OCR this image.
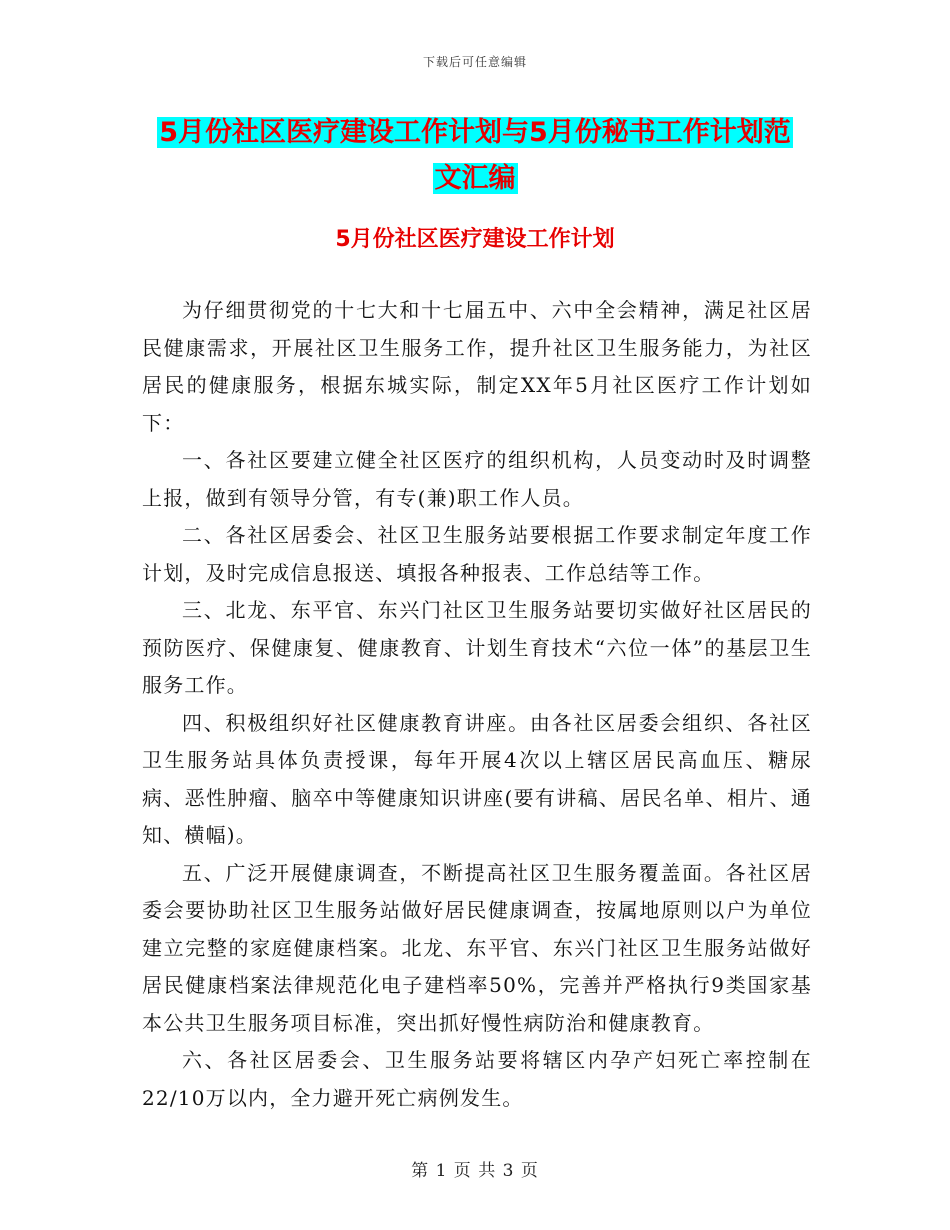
下载后可任意编辑
5月份社区医疗建设工作计划与5月份秘书工作计划范
文汇编
5月份社区医疗建设工作计划

为仔细贯彻党的十七大和十七届五中、六中全会精神，满足社区居民健康需求，开展社区卫生服务工作，提升社区卫生服务能力，为社区居民的健康服务，根据东城实际，制定XX年5月社区医疗工作计划如下：

一、各社区要建立健全社区医疗的组织机构，人员变动时及时调整上报，做到有领导分管，有专(兼)职工作人员。

二、各社区居委会、社区卫生服务站要根据工作要求制定年度工作计划，及时完成信息报送、填报各种报表、工作总结等工作。

三、北龙、东平官、东兴门社区卫生服务站要切实做好社区居民的预防医疗、保健康复、健康教育、计划生育技术“六位一体”的基层卫生服务工作。

四、积极组织好社区健康教育讲座。由各社区居委会组织、各社区卫生服务站具体负责授课，每年开展4次以上辖区居民高血压、糖尿病、恶性肿瘤、脑卒中等健康知识讲座(要有讲稿、居民名单、相片、通知、横幅)。

五、广泛开展健康调查，不断提高社区卫生服务覆盖面。各社区居委会要协助社区卫生服务站做好居民健康调查，按属地原则以户为单位建立完整的家庭健康档案。北龙、东平官、东兴门社区卫生服务站做好居民健康档案法律规范化电子建档率50%，完善并严格执行9类国家基本公共卫生服务项目标准，突出抓好慢性病防治和健康教育。

六、各社区居委会、卫生服务站要将辖区内孕产妇死亡率控制在22/10万以内，全力避开死亡病例发生。

第 1 页 共 3 页
